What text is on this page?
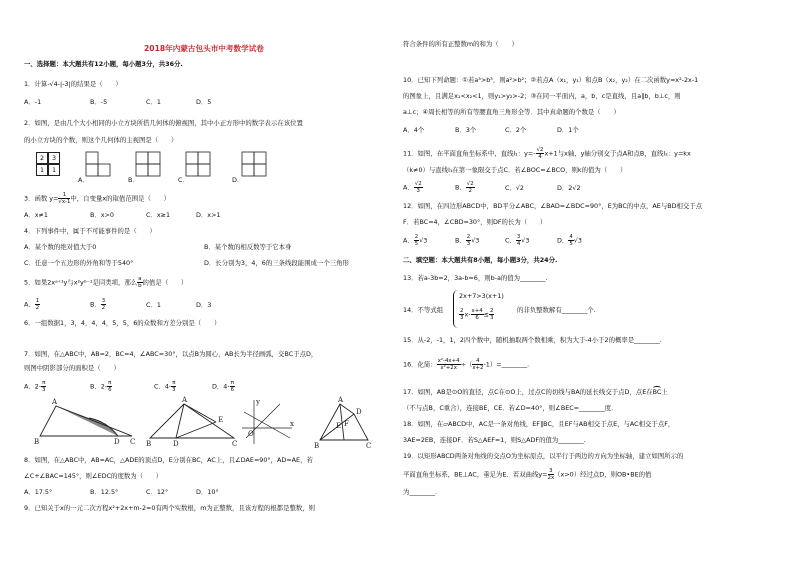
2018年内蒙古包头市中考数学试卷
一、选择题：本大题共有12小题，每小题3分，共36分.
1．计算-√4-|-3|的结果是（　　）
A．-1	B．-5	C．1	D．5
2．如图，是由几个大小相同的小立方块所搭几何体的俯视图，其中小正方形中的数字表示在该位置
的小立方块的个数，则这个几何体的主视图是（　　）
2
1	1
3
A．	B．	C．	D．
3．函数 $y= \frac{1}{√x-1}$ 中，自变量x的取值范围是（　　）
A．x≠1	B．x>0	C．x≥1	D．x>1
4．下列事件中，属于不可能事件的是（　　）
A．某个数的绝对值大于0	B．某个数的相反数等于它本身
C．任意一个五边形的外角和等于540°	D．长分别为3，4，6的三条线段能围成一个三角形
5．如果2xᵃ⁺¹y与x²yᵇ⁻¹是同类项，那么 $\frac{a}{b}$ 的值是（　　）
A． $\frac{1}{2}$	B． $\frac{3}{2}$	C．1	D．3
6．一组数据1，3，4，4，4，5，5，6的众数和方差分别是（　　）
7．如图，在△ABC中，AB=2，BC=4，∠ABC=30°，以点B为圆心，AB长为半径画弧，交BC于点D，
则图中阴影部分的面积是（　　）
A．$2- \frac{\pi}{3}$	B．$2- \frac{\pi}{6}$	C．$4- \frac{\pi}{3}$	D．$4- \frac{\pi}{6}$
A
B	D C
A
B	C
E
D
y
x
O
A
D
E F
B	C
8．如图，在△ABC中，AB=AC，△ADE的顶点D，E分别在BC，AC上，且∠DAE=90°，AD=AE，若
∠C+∠BAC=145°，则∠EDC的度数为（　　）
A．17.5°	B．12.5°	C．12°	D．10°
9．已知关于x的一元二次方程x²+2x+m-2=0有两个实数根，m为正整数，且该方程的根都是整数，则
符合条件的所有正整数m的和为（　　）
10．已知下列命题：①若a³>b³，则a²>b²；②若点A（x₁，y₁）和点B（x₂，y₂）在二次函数y=x²-2x-1
的图象上，且满足x₁<x₂<1，则y₁>y₂>-2；③在同一平面内，a，b，c是直线，且a∥b，b⊥c，则
a⊥c；④周长相等的所有等腰直角三角形全等．其中真命题的个数是（　　）
A．4个	B．3个	C．2个	D．1个
11．如图，在平面直角坐标系中，直线l₁：$y=- \frac{√2}{4} x+1$与x轴，y轴分别交于点A和点B，直线l₂：y=kx
（k≠0）与直线l₁在第一象限交于点C．若∠BOC=∠BCO，则k的值为（　　）
A． $\frac{√2}{3}$	B． $\frac{√2}{2}$	C．√2	D．2√2
12．如图，在四边形ABCD中，BD平分∠ABC，∠BAD=∠BDC=90°，E为BC的中点，AE与BD相交于点
F．若BC=4，∠CBD=30°，则DF的长为（　　）
A． $\frac{2}{5} √3$	B． $\frac{2}{3} √3$	C． $\frac{3}{4} √3$	D． $\frac{4}{5} √3$
二、填空题：本大题共有8小题，每小题3分，共24分.
13．若a-3b=2，3a-b=6，则b-a的值为________.
14．不等式组
2x+7>3(x+1)
$\frac{2}{3} x- \frac{x+4}{6} \le \frac{2}{3}$	的非负整数解有________个.
15．从-2，-1，1，2四个数中，随机抽取两个数相乘，积为大于-4小于2的概率是________.
16．化简： $\frac{\text{x²-4x+4}}{\text{x²+2x}}$ ÷（ $\frac{4}{x+2}$ -1）=________.
17．如图，AB是⊙O的直径，点C在⊙O上，过点C的切线与BA的延长线交于点D，点E在
BC上
（不与点B，C重合），连接BE，CE．若∠D=40°，则∠BEC=________度．
18．如图，在▱ABCD中，AC是一条对角线，EF∥BC，且EF与AB相交于点E，与AC相交于点F，
3AE=2EB，连接DF．若S△AEF=1，则S△ADF的值为________.
19．以矩形ABCD两条对角线的交点O为坐标原点，以平行于两边的方向为坐标轴，建立如图所示的
平面直角坐标系，BE⊥AC，垂足为E．若双曲线$y= \frac{3}{2x} (x>0)$经过点D，则OB•BE的值
为________.
